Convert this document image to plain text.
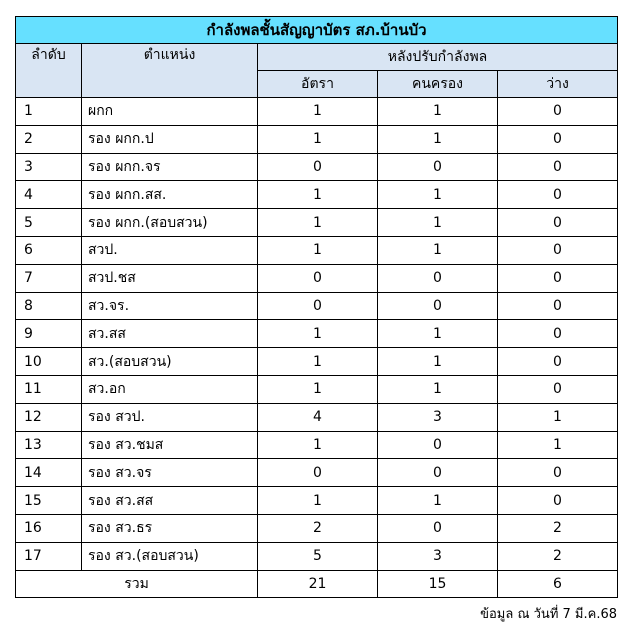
กำลังพลชั้นสัญญาบัตร สภ.บ้านบัว				
ลำดับ	ตำแหน่ง	หลังปรับกำลังพล		
		อัตรา	คนครอง	ว่าง
1	ผกก	1	1	0
2	รอง ผกก.ป	1	1	0
3	รอง ผกก.จร	0	0	0
4	รอง ผกก.สส.	1	1	0
5	รอง ผกก.(สอบสวน)	1	1	0
6	สวป.	1	1	0
7	สวป.ชส	0	0	0
8	สว.จร.	0	0	0
9	สว.สส	1	1	0
10	สว.(สอบสวน)	1	1	0
11	สว.อก	1	1	0
12	รอง สวป.	4	3	1
13	รอง สว.ชมส	1	0	1
14	รอง สว.จร	0	0	0
15	รอง สว.สส	1	1	0
16	รอง สว.ธร	2	0	2
17	รอง สว.(สอบสวน)	5	3	2
รวม		21	15	6
ข้อมูล ณ วันที่ 7 มี.ค.68
